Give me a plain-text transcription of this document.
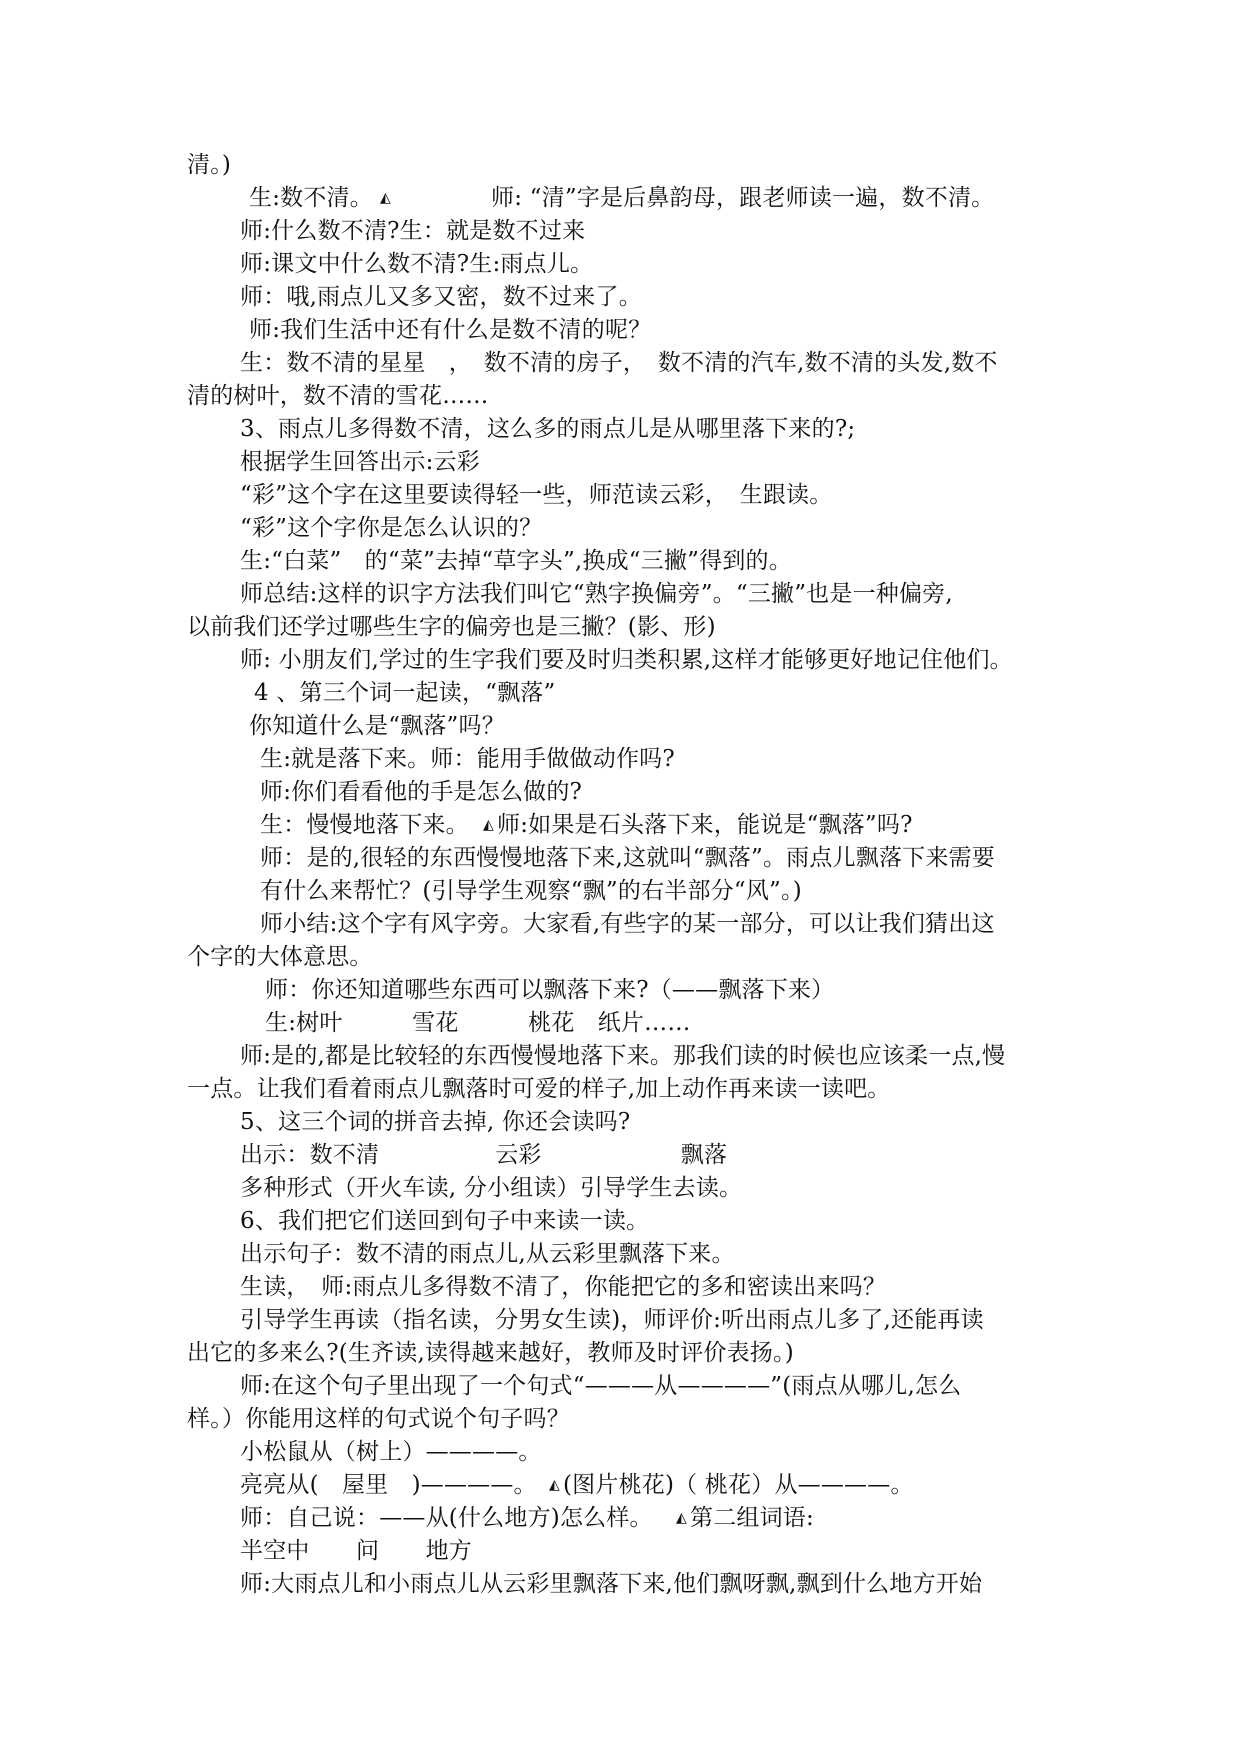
清。)
生:数不清。 ◭	师: “清”字是后鼻韵母，跟老师读一遍，数不清。
师:什么数不清?生：就是数不过来
师:课文中什么数不清?生:雨点儿。
师：哦,雨点儿又多又密，数不过来了。
师:我们生活中还有什么是数不清的呢？
生：数不清的星星　，　数不清的房子，　数不清的汽车,数不清的头发,数不
清的树叶，数不清的雪花……
3、雨点儿多得数不清，这么多的雨点儿是从哪里落下来的?;
根据学生回答出示:云彩
“彩”这个字在这里要读得轻一些，师范读云彩，　生跟读。
“彩”这个字你是怎么认识的？
生:“白菜”　的“菜”去掉“草字头”,换成“三撇”得到的。
师总结:这样的识字方法我们叫它“熟字换偏旁”。“三撇”也是一种偏旁,
以前我们还学过哪些生字的偏旁也是三撇？(影、形)
师: 小朋友们,学过的生字我们要及时归类积累,这样才能够更好地记住他们。
4 、第三个词一起读，“飘落”
你知道什么是“飘落”吗？
生:就是落下来。师：能用手做做动作吗?
师:你们看看他的手是怎么做的?
生：慢慢地落下来。 ◭ 师:如果是石头落下来，能说是“飘落”吗?
师：是的,很轻的东西慢慢地落下来,这就叫“飘落”。雨点儿飘落下来需要
有什么来帮忙？(引导学生观察“飘”的右半部分“风”。)
师小结:这个字有风字旁。大家看,有些字的某一部分，可以让我们猜出这
个字的大体意思。
师：你还知道哪些东西可以飘落下来?（——飘落下来）
生:树叶　　　雪花　　　桃花　纸片……
师:是的,都是比较轻的东西慢慢地落下来。那我们读的时候也应该柔一点,慢
一点。让我们看着雨点儿飘落时可爱的样子,加上动作再来读一读吧。
5、这三个词的拼音去掉, 你还会读吗?
出示：数不清　　　　　云彩　　　　　　飘落
多种形式（开火车读, 分小组读）引导学生去读。
6、我们把它们送回到句子中来读一读。
出示句子：数不清的雨点儿,从云彩里飘落下来。
生读，　师:雨点儿多得数不清了，你能把它的多和密读出来吗？
引导学生再读（指名读，分男女生读)，师评价:听出雨点儿多了,还能再读
出它的多来么?(生齐读,读得越来越好，教师及时评价表扬。)
师:在这个句子里出现了一个句式“———从————”(雨点从哪儿,怎么
样。）你能用这样的句式说个句子吗？
小松鼠从（树上）————。
亮亮从(　屋里　)————。 ◭ (图片桃花)（ 桃花）从————。
师：自己说：——从(什么地方)怎么样。 ◭ 第二组词语:
半空中　　问　　地方
师:大雨点儿和小雨点儿从云彩里飘落下来,他们飘呀飘,飘到什么地方开始
